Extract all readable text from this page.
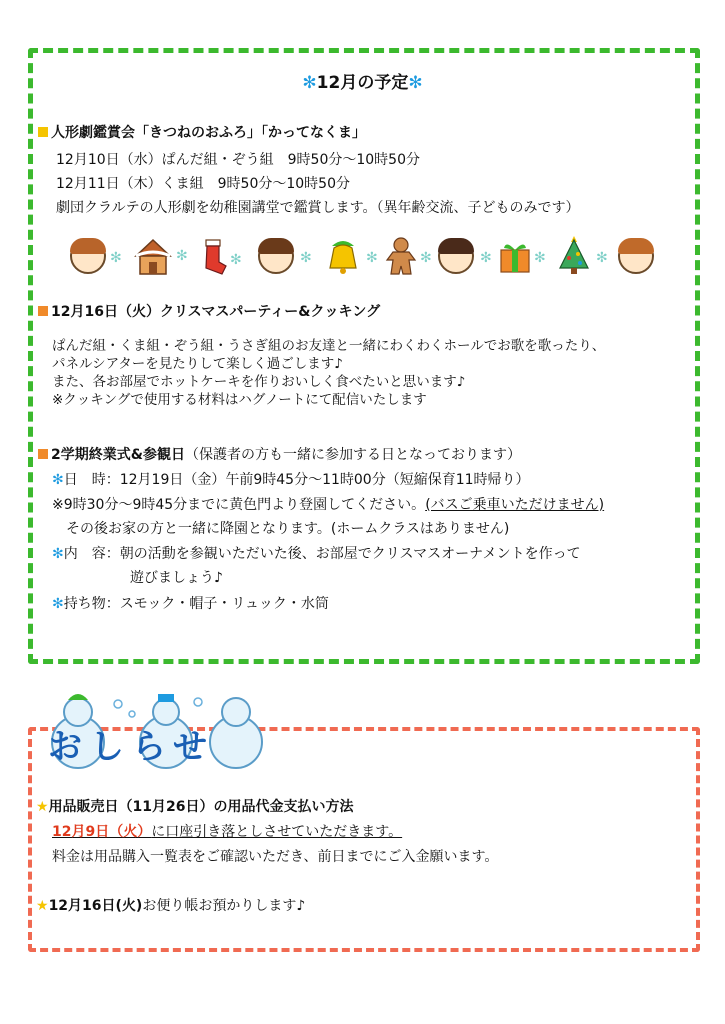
✻12月の予定✻
人形劇鑑賞会「きつねのおふろ」「かってなくま」
12月10日（水）ぱんだ組・ぞう組　9時50分〜10時50分
12月11日（木）くま組　9時50分〜10時50分
劇団クラルテの人形劇を幼稚園講堂で鑑賞します。（異年齢交流、子どものみです）
✻	✻	✻	✻	✻	✻	✻	✻	✻
12月16日（火）クリスマスパーティー&クッキング
ぱんだ組・くま組・ぞう組・うさぎ組のお友達と一緒にわくわくホールでお歌を歌ったり、
パネルシアターを見たりして楽しく過ごします♪
また、各お部屋でホットケーキを作りおいしく食べたいと思います♪
※クッキングで使用する材料はハグノートにて配信いたします
2学期終業式&参観日（保護者の方も一緒に参加する日となっております）
✻日　時：12月19日（金）午前9時45分〜11時00分（短縮保育11時帰り）
※9時30分〜9時45分までに黄色門より登園してください。(バスご乗車いただけません)
その後お家の方と一緒に降園となります。(ホームクラスはありません)
✻内　容：朝の活動を参観いただいた後、お部屋でクリスマスオーナメントを作って
遊びましょう♪
✻持ち物：スモック・帽子・リュック・水筒
おしらせ
★用品販売日（11月26日）の用品代金支払い方法
12月9日（火）に口座引き落としさせていただきます。
料金は用品購入一覧表をご確認いただき、前日までにご入金願います。
★12月16日(火)お便り帳お預かりします♪
